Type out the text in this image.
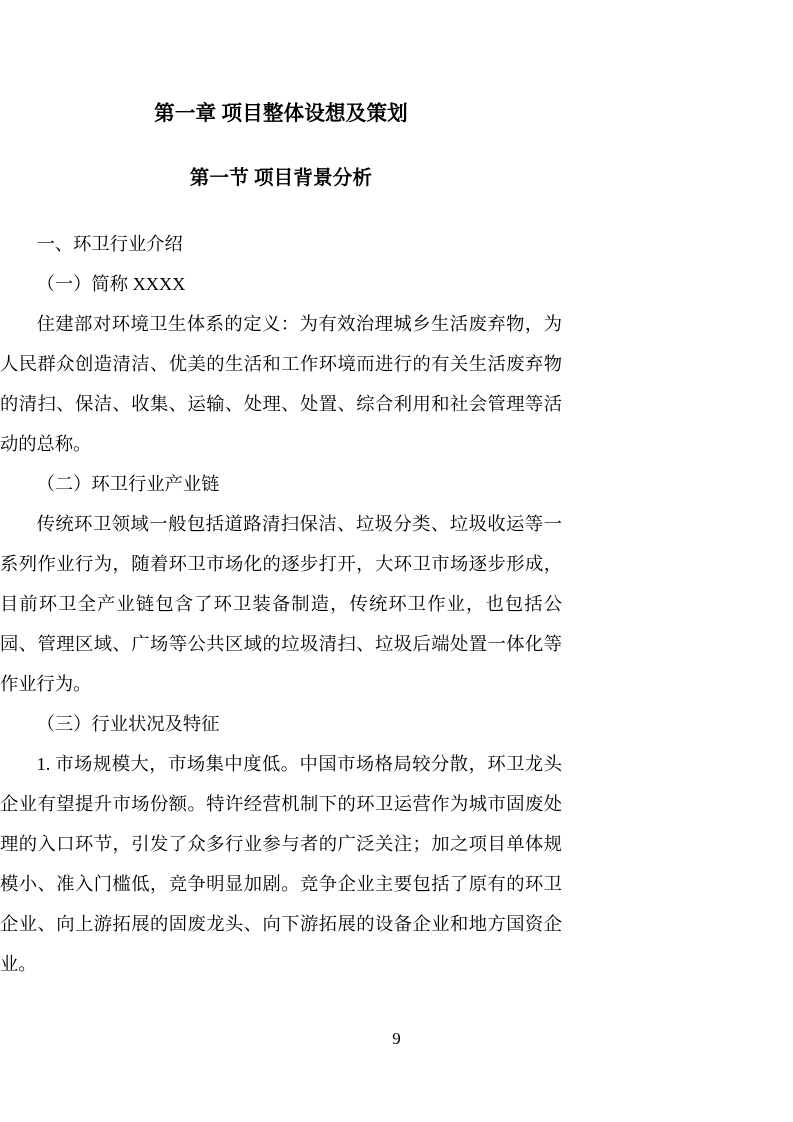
第一章 项目整体设想及策划
第一节 项目背景分析

一、环卫行业介绍

（一）简称 XXXX

住建部对环境卫生体系的定义：为有效治理城乡生活废弃物，为人民群众创造清洁、优美的生活和工作环境而进行的有关生活废弃物的清扫、保洁、收集、运输、处理、处置、综合利用和社会管理等活动的总称。

（二）环卫行业产业链

传统环卫领域一般包括道路清扫保洁、垃圾分类、垃圾收运等一系列作业行为，随着环卫市场化的逐步打开，大环卫市场逐步形成，目前环卫全产业链包含了环卫装备制造，传统环卫作业，也包括公园、管理区域、广场等公共区域的垃圾清扫、垃圾后端处置一体化等作业行为。

（三）行业状况及特征

1. 市场规模大，市场集中度低。中国市场格局较分散，环卫龙头企业有望提升市场份额。特许经营机制下的环卫运营作为城市固废处理的入口环节，引发了众多行业参与者的广泛关注；加之项目单体规模小、准入门槛低，竞争明显加剧。竞争企业主要包括了原有的环卫企业、向上游拓展的固废龙头、向下游拓展的设备企业和地方国资企业。

9
